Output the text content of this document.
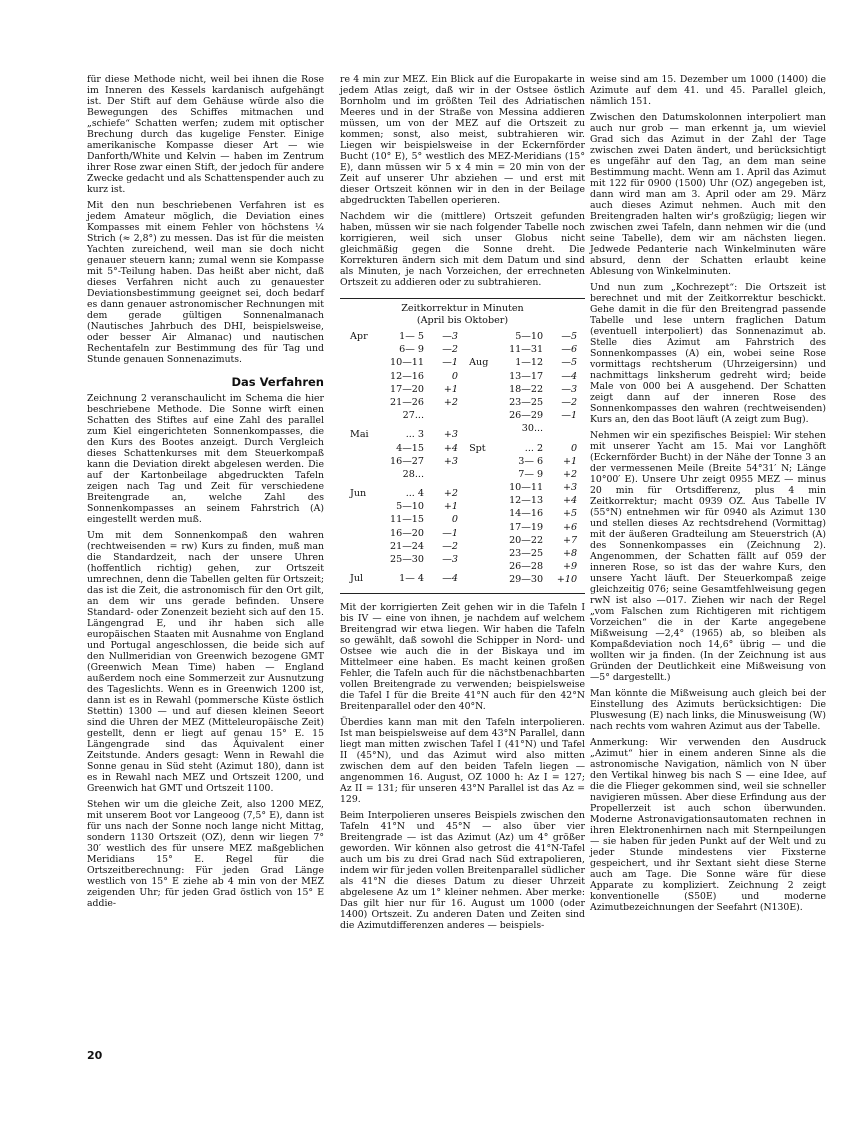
für diese Methode nicht, weil bei ihnen die Rose im Inneren des Kessels kardanisch aufgehängt ist. Der Stift auf dem Gehäuse würde also die Bewegungen des Schiffes mitmachen und „schiefe“ Schatten werfen; zudem mit optischer Brechung durch das kugelige Fenster. Einige amerikanische Kompasse dieser Art — wie Danforth/White und Kelvin — haben im Zentrum ihrer Rose zwar einen Stift, der jedoch für andere Zwecke gedacht und als Schattenspender auch zu kurz ist.

Mit den nun beschriebenen Verfahren ist es jedem Amateur möglich, die Deviation eines Kompasses mit einem Fehler von höchstens ¼ Strich (≈ 2,8°) zu messen. Das ist für die meisten Yachten zureichend, weil man sie doch nicht genauer steuern kann; zumal wenn sie Kompasse mit 5°-Teilung haben. Das heißt aber nicht, daß dieses Verfahren nicht auch zu genauester Deviationsbestimmung geeignet sei, doch bedarf es dann genauer astronomischer Rechnungen mit dem gerade gültigen Sonnenalmanach (Nautisches Jahrbuch des DHI, beispielsweise, oder besser Air Almanac) und nautischen Rechentafeln zur Bestimmung des für Tag und Stunde genauen Sonnenazimuts.

Das Verfahren

Zeichnung 2 veranschaulicht im Schema die hier beschriebene Methode. Die Sonne wirft einen Schatten des Stiftes auf eine Zahl des parallel zum Kiel eingerichteten Sonnenkompasses, die den Kurs des Bootes anzeigt. Durch Vergleich dieses Schattenkurses mit dem Steuerkompaß kann die Deviation direkt abgelesen werden. Die auf der Kartonbeilage abgedruckten Tafeln zeigen nach Tag und Zeit für verschiedene Breitengrade an, welche Zahl des Sonnenkompasses an seinem Fahrstrich (A) eingestellt werden muß.

Um mit dem Sonnenkompaß den wahren (rechtweisenden = rw) Kurs zu finden, muß man die Standardzeit, nach der unsere Uhren (hoffentlich richtig) gehen, zur Ortszeit umrechnen, denn die Tabellen gelten für Ortszeit; das ist die Zeit, die astronomisch für den Ort gilt, an dem wir uns gerade befinden. Unsere Standard- oder Zonenzeit bezieht sich auf den 15. Längengrad E, und ihr haben sich alle europäischen Staaten mit Ausnahme von England und Portugal angeschlossen, die beide sich auf den Nullmeridian von Greenwich bezogene GMT (Greenwich Mean Time) haben — England außerdem noch eine Sommerzeit zur Ausnutzung des Tageslichts. Wenn es in Greenwich 1200 ist, dann ist es in Rewahl (pommersche Küste östlich Stettin) 1300 — und auf diesen kleinen Seeort sind die Uhren der MEZ (Mitteleuropäische Zeit) gestellt, denn er liegt auf genau 15° E. 15 Längengrade sind das Äquivalent einer Zeitstunde. Anders gesagt: Wenn in Rewahl die Sonne genau in Süd steht (Azimut 180), dann ist es in Rewahl nach MEZ und Ortszeit 1200, und Greenwich hat GMT und Ortszeit 1100.

Stehen wir um die gleiche Zeit, also 1200 MEZ, mit unserem Boot vor Langeoog (7,5° E), dann ist für uns nach der Sonne noch lange nicht Mittag, sondern 1130 Ortszeit (OZ), denn wir liegen 7° 30′ westlich des für unsere MEZ maßgeblichen Meridians 15° E. Regel für die Ortszeitberechnung: Für jeden Grad Länge westlich von 15° E ziehe ab 4 min von der MEZ zeigenden Uhr; für jeden Grad östlich von 15° E addie-

re 4 min zur MEZ. Ein Blick auf die Europakarte in jedem Atlas zeigt, daß wir in der Ostsee östlich Bornholm und im größten Teil des Adriatischen Meeres und in der Straße von Messina addieren müssen, um von der MEZ auf die Ortszeit zu kommen; sonst, also meist, subtrahieren wir. Liegen wir beispielsweise in der Eckernförder Bucht (10° E), 5° westlich des MEZ-Meridians (15° E), dann müssen wir 5 x 4 min = 20 min von der Zeit auf unserer Uhr abziehen — und erst mit dieser Ortszeit können wir in den in der Beilage abgedruckten Tabellen operieren.

Nachdem wir die (mittlere) Ortszeit gefunden haben, müssen wir sie nach folgender Tabelle noch korrigieren, weil sich unser Globus nicht gleichmäßig gegen die Sonne dreht. Die Korrekturen ändern sich mit dem Datum und sind als Minuten, je nach Vorzeichen, der errechneten Ortszeit zu addieren oder zu subtrahieren.

Zeitkorrektur in Minuten
(April bis Oktober)
Apr	1— 5	—3
6— 9	—2
10—11	—1
12—16	0
17—20	+1
21—26	+2
27...
Mai	... 3	+3
4—15	+4
16—27	+3
28...
Jun	... 4	+2
5—10	+1
11—15	0
16—20	—1
21—24	—2
25—30	—3
Jul	1— 4	—4
5—10	—5
11—31	—6
Aug	1—12	—5
13—17	—4
18—22	—3
23—25	—2
26—29	—1
30...
Spt	... 2	0
3— 6	+1
7— 9	+2
10—11	+3
12—13	+4
14—16	+5
17—19	+6
20—22	+7
23—25	+8
26—28	+9
29—30	+10

Mit der korrigierten Zeit gehen wir in die Tafeln I bis IV — eine von ihnen, je nachdem auf welchem Breitengrad wir etwa liegen. Wir haben die Tafeln so gewählt, daß sowohl die Schipper in Nord- und Ostsee wie auch die in der Biskaya und im Mittelmeer eine haben. Es macht keinen großen Fehler, die Tafeln auch für die nächstbenachbarten vollen Breitengrade zu verwenden; beispielsweise die Tafel I für die Breite 41°N auch für den 42°N Breitenparallel oder den 40°N.

Überdies kann man mit den Tafeln interpolieren. Ist man beispielsweise auf dem 43°N Parallel, dann liegt man mitten zwischen Tafel I (41°N) und Tafel II (45°N), und das Azimut wird also mitten zwischen dem auf den beiden Tafeln liegen — angenommen 16. August, OZ 1000 h: Az I = 127; Az II = 131; für unseren 43°N Parallel ist das Az = 129.

Beim Interpolieren unseres Beispiels zwischen den Tafeln 41°N und 45°N — also über vier Breitengrade — ist das Azimut (Az) um 4° größer geworden. Wir können also getrost die 41°N-Tafel auch um bis zu drei Grad nach Süd extrapolieren, indem wir für jeden vollen Breitenparallel südlicher als 41°N die dieses Datum zu dieser Uhrzeit abgelesene Az um 1° kleiner nehmen. Aber merke: Das gilt hier nur für 16. August um 1000 (oder 1400) Ortszeit. Zu anderen Daten und Zeiten sind die Azimutdifferenzen anderes — beispiels-

weise sind am 15. Dezember um 1000 (1400) die Azimute auf dem 41. und 45. Parallel gleich, nämlich 151.

Zwischen den Datumskolonnen interpoliert man auch nur grob — man erkennt ja, um wieviel Grad sich das Azimut in der Zahl der Tage zwischen zwei Daten ändert, und berücksichtigt es ungefähr auf den Tag, an dem man seine Bestimmung macht. Wenn am 1. April das Azimut mit 122 für 0900 (1500) Uhr (OZ) angegeben ist, dann wird man am 3. April oder am 29. März auch dieses Azimut nehmen. Auch mit den Breitengraden halten wir's großzügig; liegen wir zwischen zwei Tafeln, dann nehmen wir die (und seine Tabelle), dem wir am nächsten liegen. Jedwede Pedanterie nach Winkelminuten wäre absurd, denn der Schatten erlaubt keine Ablesung von Winkelminuten.

Und nun zum „Kochrezept“: Die Ortszeit ist berechnet und mit der Zeitkorrektur beschickt. Gehe damit in die für den Breitengrad passende Tabelle und lese untern fraglichen Datum (eventuell interpoliert) das Sonnenazimut ab. Stelle dies Azimut am Fahrstrich des Sonnenkompasses (A) ein, wobei seine Rose vormittags rechtsherum (Uhrzeigersinn) und nachmittags linksherum gedreht wird; beide Male von 000 bei A ausgehend. Der Schatten zeigt dann auf der inneren Rose des Sonnenkompasses den wahren (rechtweisenden) Kurs an, den das Boot läuft (A zeigt zum Bug).

Nehmen wir ein spezifisches Beispiel: Wir stehen mit unserer Yacht am 15. Mai vor Langhöft (Eckernförder Bucht) in der Nähe der Tonne 3 an der vermessenen Meile (Breite 54°31′ N; Länge 10°00′ E). Unsere Uhr zeigt 0955 MEZ — minus 20 min für Ortsdifferenz, plus 4 min Zeitkorrektur; macht 0939 OZ. Aus Tabelle IV (55°N) entnehmen wir für 0940 als Azimut 130 und stellen dieses Az rechtsdrehend (Vormittag) mit der äußeren Gradteilung am Steuerstrich (A) des Sonnenkompasses ein (Zeichnung 2). Angenommen, der Schatten fällt auf 059 der inneren Rose, so ist das der wahre Kurs, den unsere Yacht läuft. Der Steuerkompaß zeige gleichzeitig 076; seine Gesamtfehlweisung gegen rwN ist also —017. Ziehen wir nach der Regel „vom Falschen zum Richtigeren mit richtigem Vorzeichen“ die in der Karte angegebene Mißweisung —2,4° (1965) ab, so bleiben als Kompaßdeviation noch 14,6° übrig — und die wollten wir ja finden. (In der Zeichnung ist aus Gründen der Deutlichkeit eine Mißweisung von —5° dargestellt.)

Man könnte die Mißweisung auch gleich bei der Einstellung des Azimuts berücksichtigen: Die Pluswesung (E) nach links, die Minusweisung (W) nach rechts vom wahren Azimut aus der Tabelle.

Anmerkung: Wir verwenden den Ausdruck „Azimut“ hier in einem anderen Sinne als die astronomische Navigation, nämlich von N über den Vertikal hinweg bis nach S — eine Idee, auf die die Flieger gekommen sind, weil sie schneller navigieren müssen. Aber diese Erfindung aus der Propellerzeit ist auch schon überwunden. Moderne Astronavigationsautomaten rechnen in ihren Elektronenhirnen nach mit Sternpeilungen — sie haben für jeden Punkt auf der Welt und zu jeder Stunde mindestens vier Fixsterne gespeichert, und ihr Sextant sieht diese Sterne auch am Tage. Die Sonne wäre für diese Apparate zu kompliziert. Zeichnung 2 zeigt konventionelle (S50E) und moderne Azimutbezeichnungen der Seefahrt (N130E).

20
